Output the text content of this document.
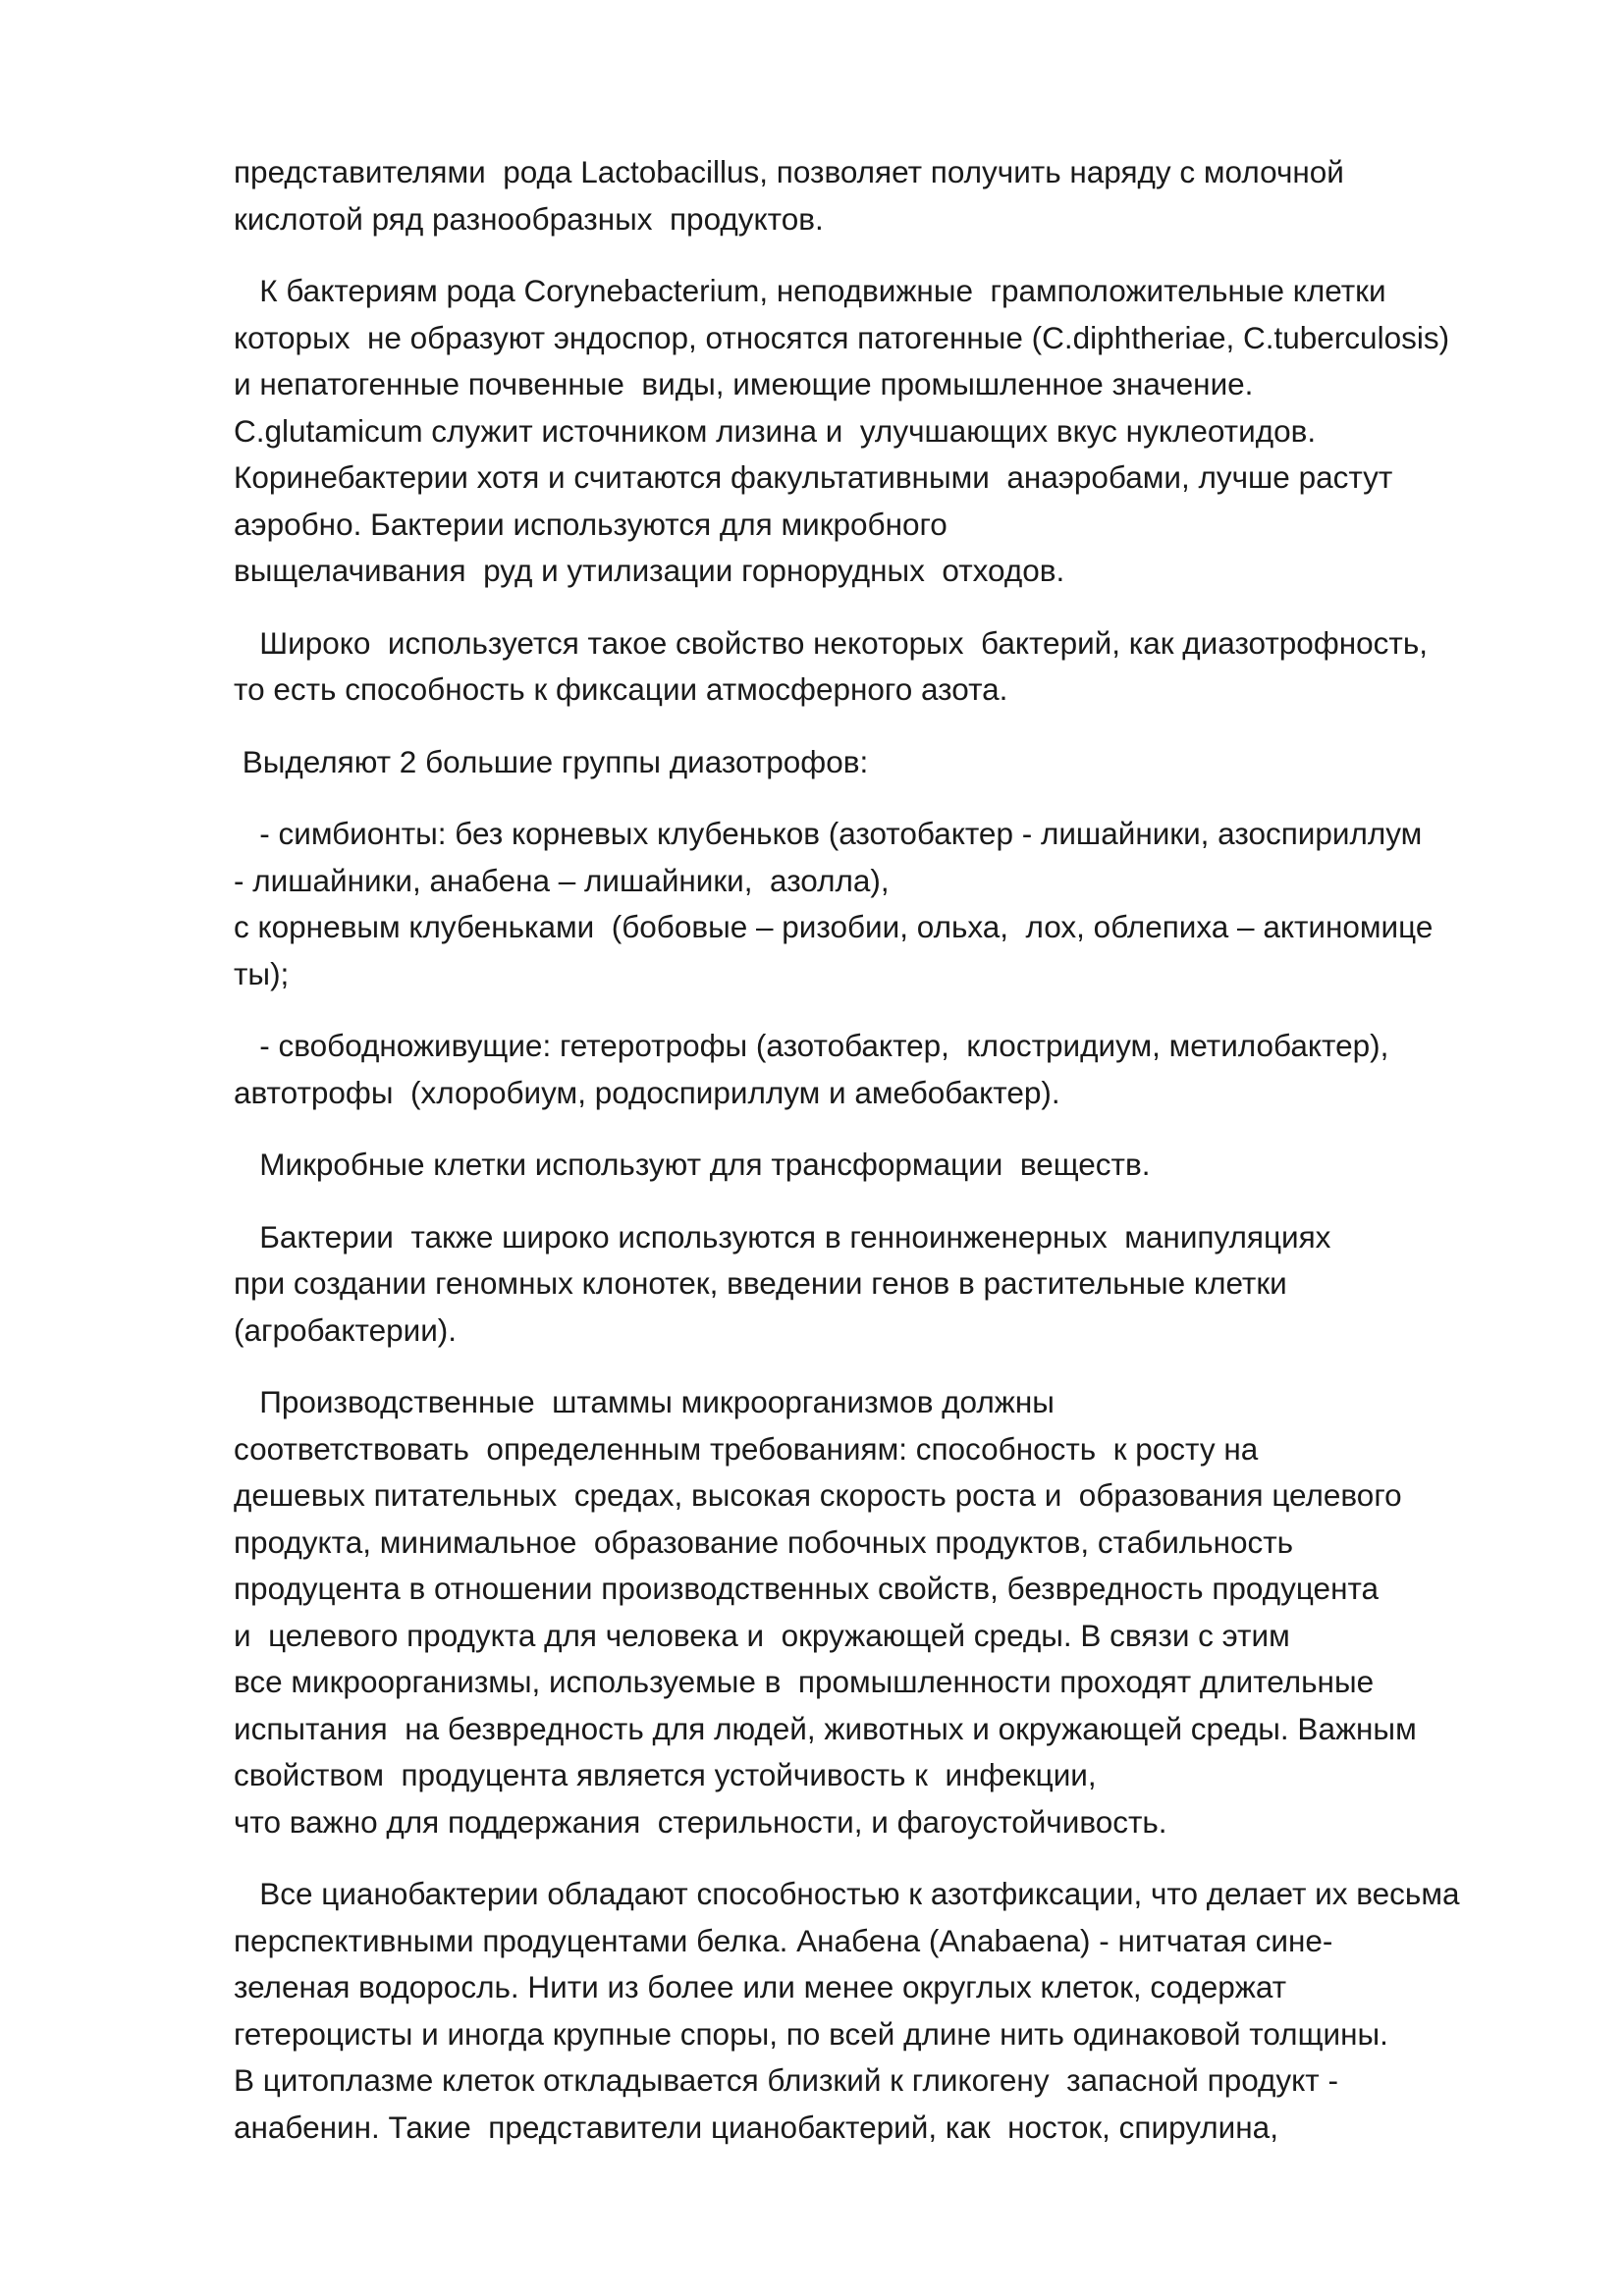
представителями  рода Lactobacillus, позволяет получить наряду с молочной
кислотой ряд разнообразных  продуктов.
К бактериям рода Corynebacterium, неподвижные  грамположительные клетки
которых  не образуют эндоспор, относятся патогенные (C.diphtheriae, C.tuberculosis)
и непатогенные почвенные  виды, имеющие промышленное значение.
C.glutamicum служит источником лизина и  улучшающих вкус нуклеотидов.
Коринебактерии хотя и считаются факультативными  анаэробами, лучше растут
аэробно. Бактерии используются для микробного
выщелачивания  руд и утилизации горнорудных  отходов.
Широко  используется такое свойство некоторых  бактерий, как диазотрофность,
то есть способность к фиксации атмосферного азота.
Выделяют 2 большие группы диазотрофов:
- симбионты: без корневых клубеньков (азотобактер - лишайники, азоспириллум
- лишайники, анабена – лишайники,  азолла),
с корневым клубеньками  (бобовые – ризобии, ольха,  лох, облепиха – актиномице
ты);
- свободноживущие: гетеротрофы (азотобактер,  клостридиум, метилобактер),
автотрофы  (хлоробиум, родоспириллум и амебобактер).
Микробные клетки используют для трансформации  веществ.
Бактерии  также широко используются в генноинженерных  манипуляциях
при создании геномных клонотек, введении генов в растительные клетки
(агробактерии).
Производственные  штаммы микроорганизмов должны
соответствовать  определенным требованиям: способность  к росту на
дешевых питательных  средах, высокая скорость роста и  образования целевого
продукта, минимальное  образование побочных продуктов, стабильность
продуцента в отношении производственных свойств, безвредность продуцента
и  целевого продукта для человека и  окружающей среды. В связи с этим
все микроорганизмы, используемые в  промышленности проходят длительные
испытания  на безвредность для людей, животных и окружающей среды. Важным
свойством  продуцента является устойчивость к  инфекции,
что важно для поддержания  стерильности, и фагоустойчивость.
Все цианобактерии обладают способностью к азотфиксации, что делает их весьма
перспективными продуцентами белка. Анабена (Anabaena) - нитчатая сине-
зеленая водоросль. Нити из более или менее округлых клеток, содержат
гетероцисты и иногда крупные споры, по всей длине нить одинаковой толщины.
В цитоплазме клеток откладывается близкий к гликогену  запасной продукт -
анабенин. Такие  представители цианобактерий, как  носток, спирулина,
